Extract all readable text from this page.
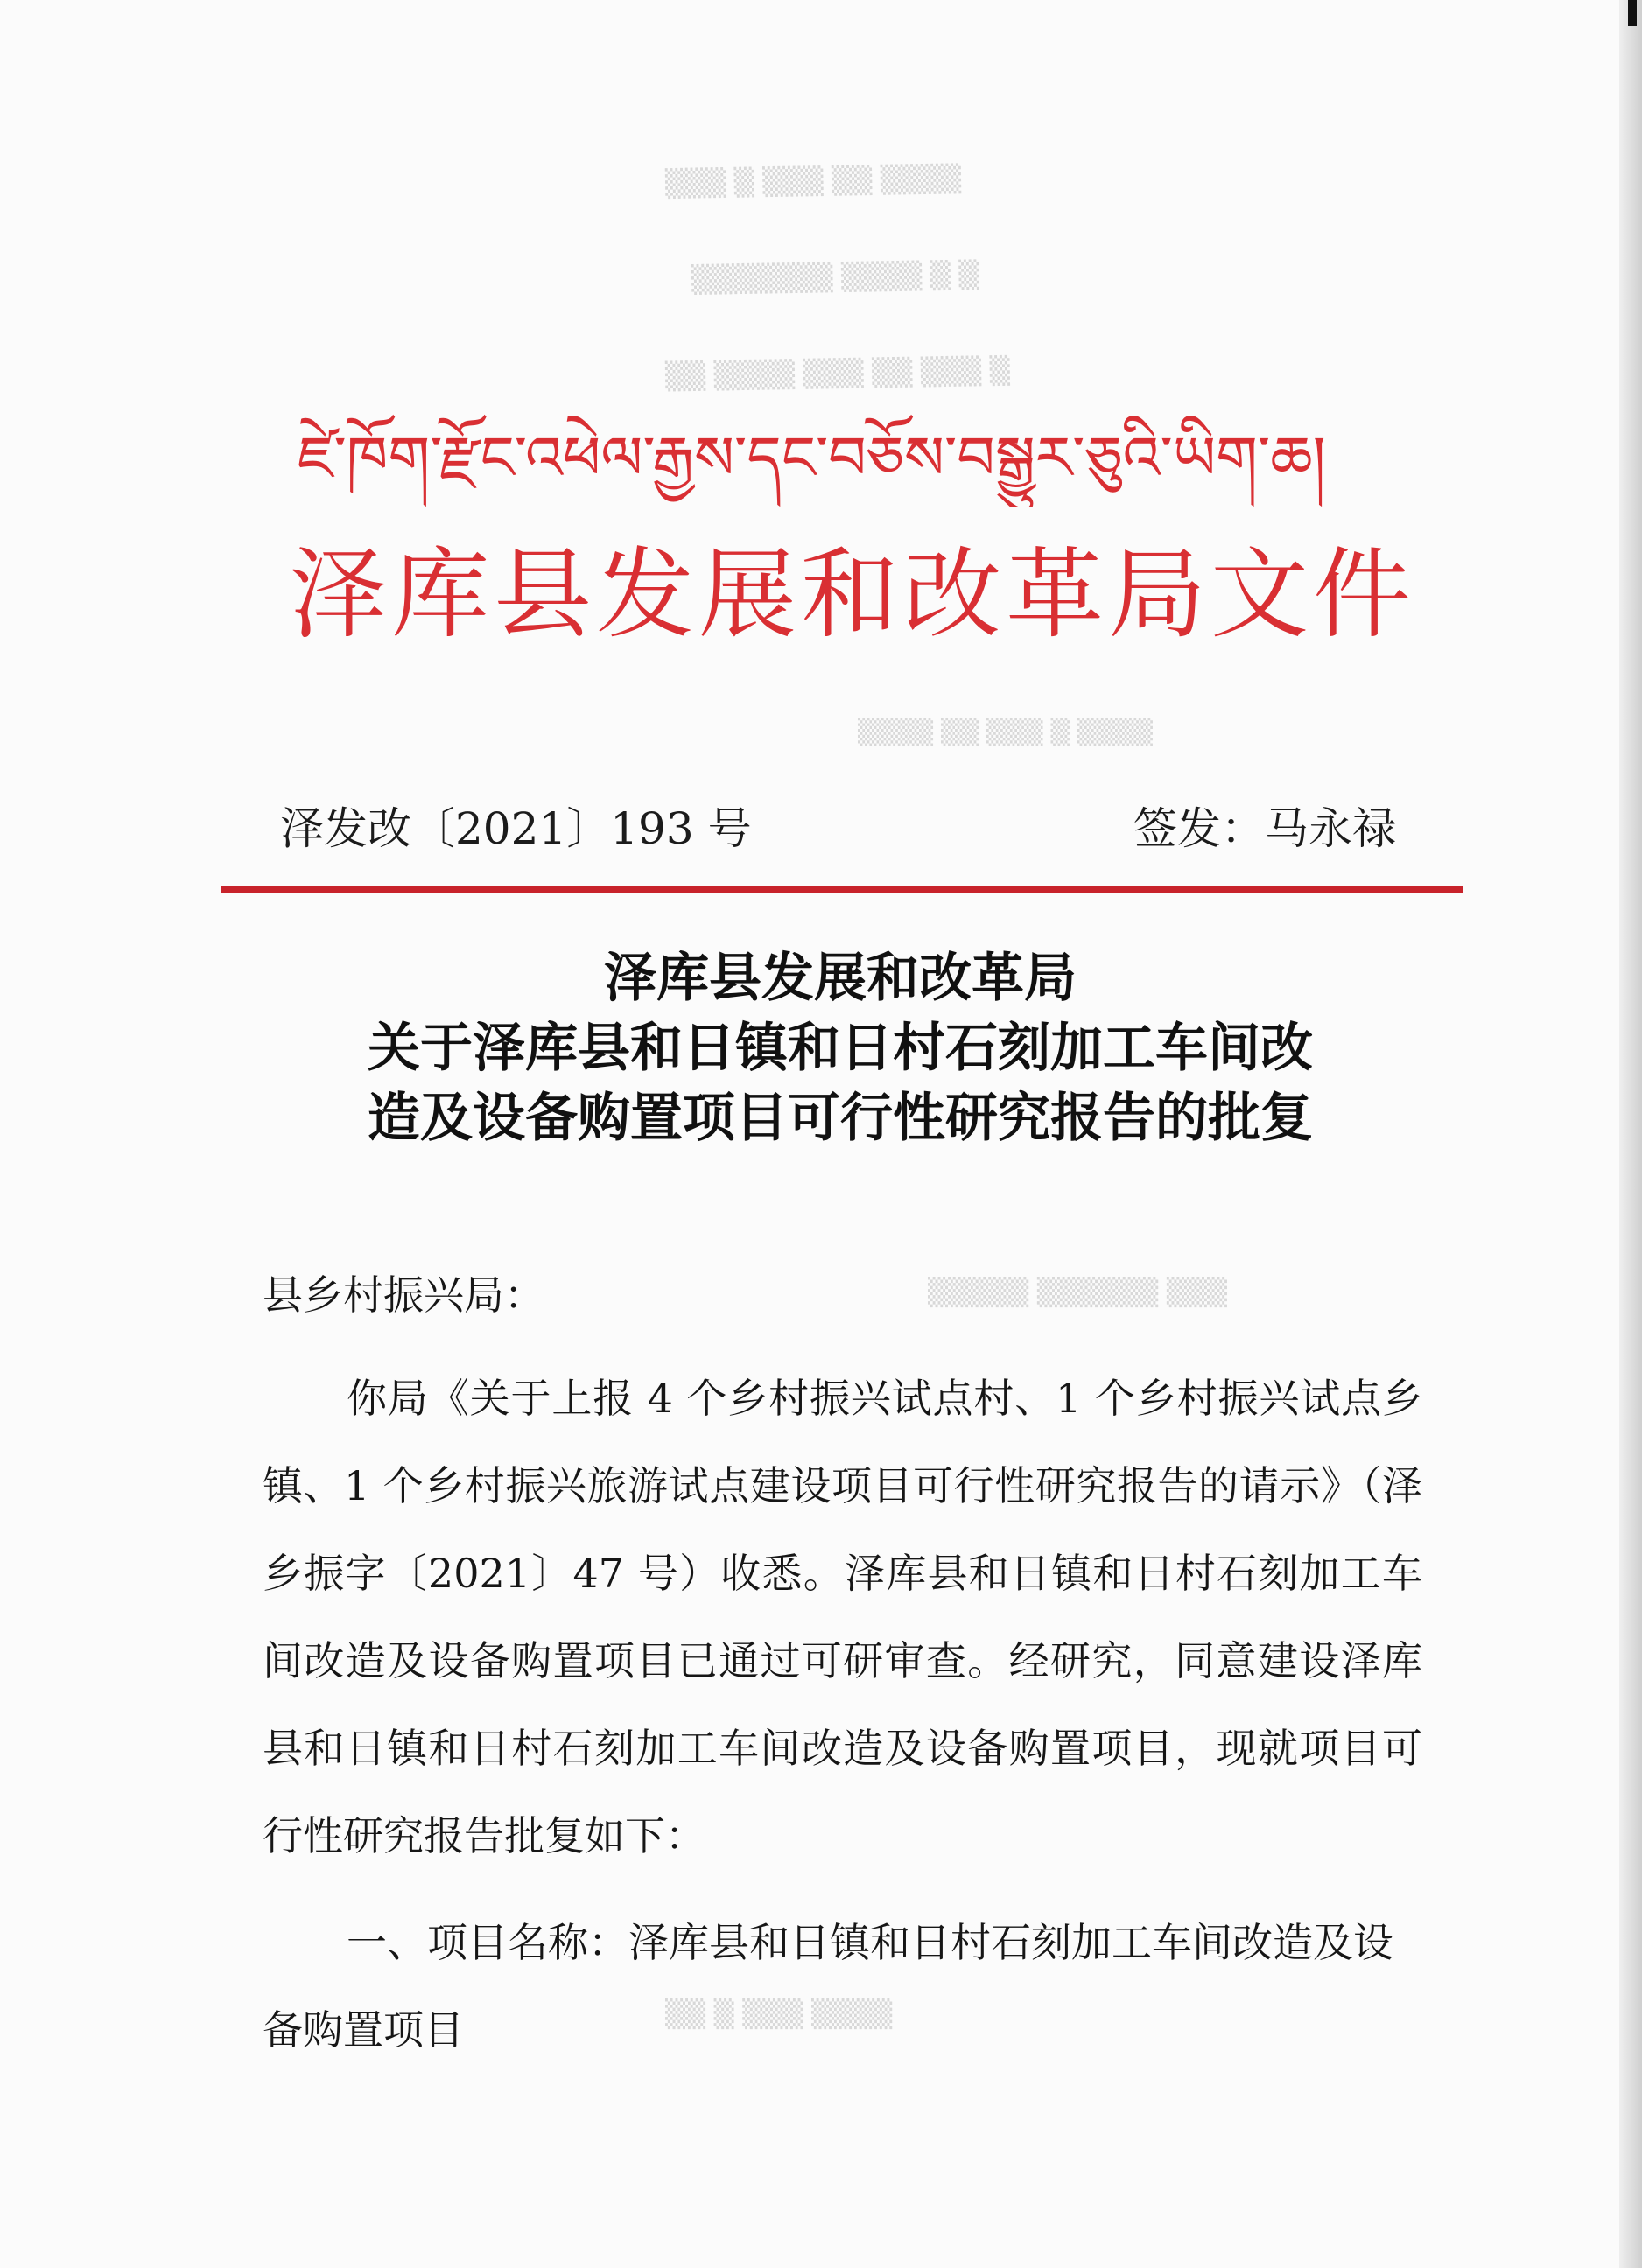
▒▒▒ ▒ ▒▒▒ ▒▒ ▒▒▒▒
▒▒▒▒▒▒▒ ▒▒▒▒ ▒ ▒
▒▒ ▒▒▒▒ ▒▒▒ ▒▒ ▒▒▒ ▒
▒▒▒▒ ▒▒ ▒▒▒ ▒ ▒▒▒▒
▒▒▒▒▒ ▒▒▒▒▒▒ ▒▒▒
▒▒ ▒ ▒▒▒ ▒▒▒▒
ཛེ་ཁོག་རྫོང་འཕེལ་རྒྱས་དང་བཅོས་བསྒྱུར་ཅུའི་ཡིག་ཆ།
泽库县发展和改革局文件
泽发改〔2021〕193 号	签发：马永禄
泽库县发展和改革局
关于泽库县和日镇和日村石刻加工车间改
造及设备购置项目可行性研究报告的批复
县乡村振兴局：
你局《关于上报 4 个乡村振兴试点村、1 个乡村振兴试点乡镇、1 个乡村振兴旅游试点建设项目可行性研究报告的请示》（泽乡振字〔2021〕47 号）收悉。泽库县和日镇和日村石刻加工车间改造及设备购置项目已通过可研审查。经研究，同意建设泽库县和日镇和日村石刻加工车间改造及设备购置项目，现就项目可行性研究报告批复如下：
一、项目名称：泽库县和日镇和日村石刻加工车间改造及设备购置项目
